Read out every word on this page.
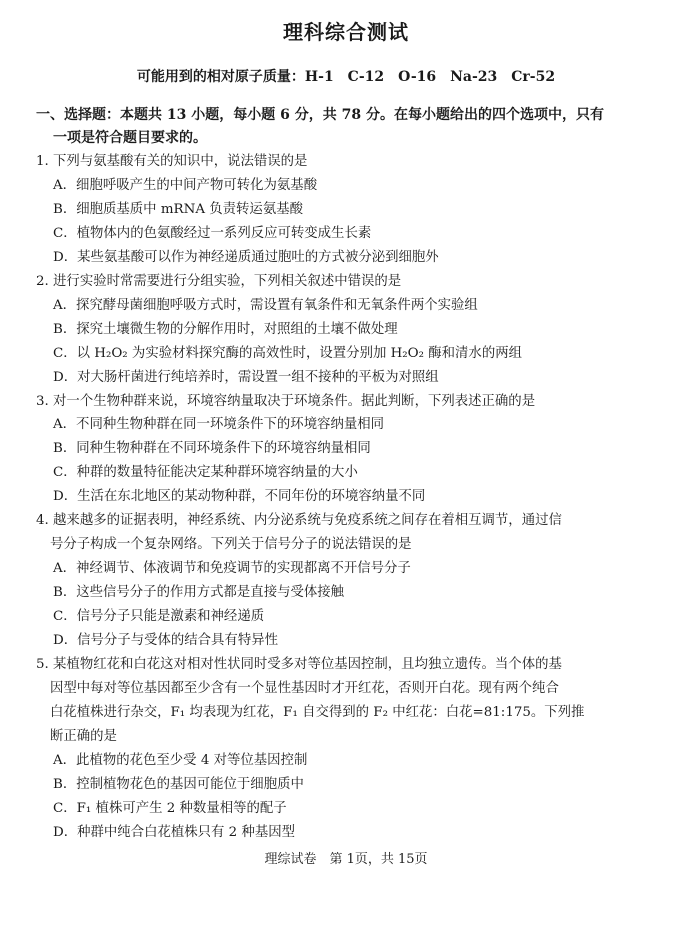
理科综合测试
可能用到的相对原子质量：H-1　C-12　O-16　Na-23　Cr-52
一、选择题：本题共 13 小题，每小题 6 分，共 78 分。在每小题给出的四个选项中，只有
一项是符合题目要求的。
1. 下列与氨基酸有关的知识中，说法错误的是
A．细胞呼吸产生的中间产物可转化为氨基酸
B．细胞质基质中 mRNA 负责转运氨基酸
C．植物体内的色氨酸经过一系列反应可转变成生长素
D．某些氨基酸可以作为神经递质通过胞吐的方式被分泌到细胞外
2. 进行实验时常需要进行分组实验，下列相关叙述中错误的是
A．探究酵母菌细胞呼吸方式时，需设置有氧条件和无氧条件两个实验组
B．探究土壤微生物的分解作用时，对照组的土壤不做处理
C．以 H₂O₂ 为实验材料探究酶的高效性时，设置分别加 H₂O₂ 酶和清水的两组
D．对大肠杆菌进行纯培养时，需设置一组不接种的平板为对照组
3. 对一个生物种群来说，环境容纳量取决于环境条件。据此判断，下列表述正确的是
A．不同种生物种群在同一环境条件下的环境容纳量相同
B．同种生物种群在不同环境条件下的环境容纳量相同
C．种群的数量特征能决定某种群环境容纳量的大小
D．生活在东北地区的某动物种群，不同年份的环境容纳量不同
4. 越来越多的证据表明，神经系统、内分泌系统与免疫系统之间存在着相互调节，通过信
号分子构成一个复杂网络。下列关于信号分子的说法错误的是
A．神经调节、体液调节和免疫调节的实现都离不开信号分子
B．这些信号分子的作用方式都是直接与受体接触
C．信号分子只能是激素和神经递质
D．信号分子与受体的结合具有特异性
5. 某植物红花和白花这对相对性状同时受多对等位基因控制，且均独立遗传。当个体的基
因型中每对等位基因都至少含有一个显性基因时才开红花，否则开白花。现有两个纯合
白花植株进行杂交，F₁ 均表现为红花，F₁ 自交得到的 F₂ 中红花：白花=81:175。下列推
断正确的是
A．此植物的花色至少受 4 对等位基因控制
B．控制植物花色的基因可能位于细胞质中
C．F₁ 植株可产生 2 种数量相等的配子
D．种群中纯合白花植株只有 2 种基因型
理综试卷　第 1页，共 15页
